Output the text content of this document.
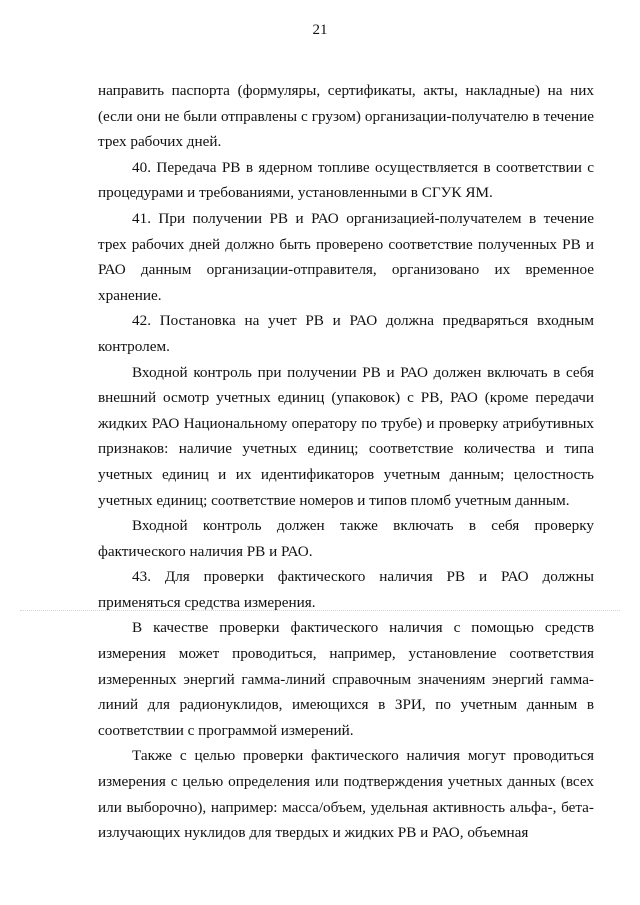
21

направить паспорта (формуляры, сертификаты, акты, накладные) на них (если они не были отправлены с грузом) организации-получателю в течение трех рабочих дней.

40. Передача РВ в ядерном топливе осуществляется в соответствии с процедурами и требованиями, установленными в СГУК ЯМ.

41. При получении РВ и РАО организацией-получателем в течение трех рабочих дней должно быть проверено соответствие полученных РВ и РАО данным организации-отправителя, организовано их временное хранение.

42. Постановка на учет РВ и РАО должна предваряться входным контролем.

Входной контроль при получении РВ и РАО должен включать в себя внешний осмотр учетных единиц (упаковок) с РВ, РАО (кроме передачи жидких РАО Национальному оператору по трубе) и проверку атрибутивных признаков: наличие учетных единиц; соответствие количества и типа учетных единиц и их идентификаторов учетным данным; целостность учетных единиц; соответствие номеров и типов пломб учетным данным.

Входной контроль должен также включать в себя проверку фактического наличия РВ и РАО.

43. Для проверки фактического наличия РВ и РАО должны применяться средства измерения.

В качестве проверки фактического наличия с помощью средств измерения может проводиться, например, установление соответствия измеренных энергий гамма-линий справочным значениям энергий гамма-линий для радионуклидов, имеющихся в ЗРИ, по учетным данным в соответствии с программой измерений.

Также с целью проверки фактического наличия могут проводиться измерения с целью определения или подтверждения учетных данных (всех или выборочно), например: масса/объем, удельная активность альфа-, бета- излучающих нуклидов для твердых и жидких РВ и РАО, объемная
